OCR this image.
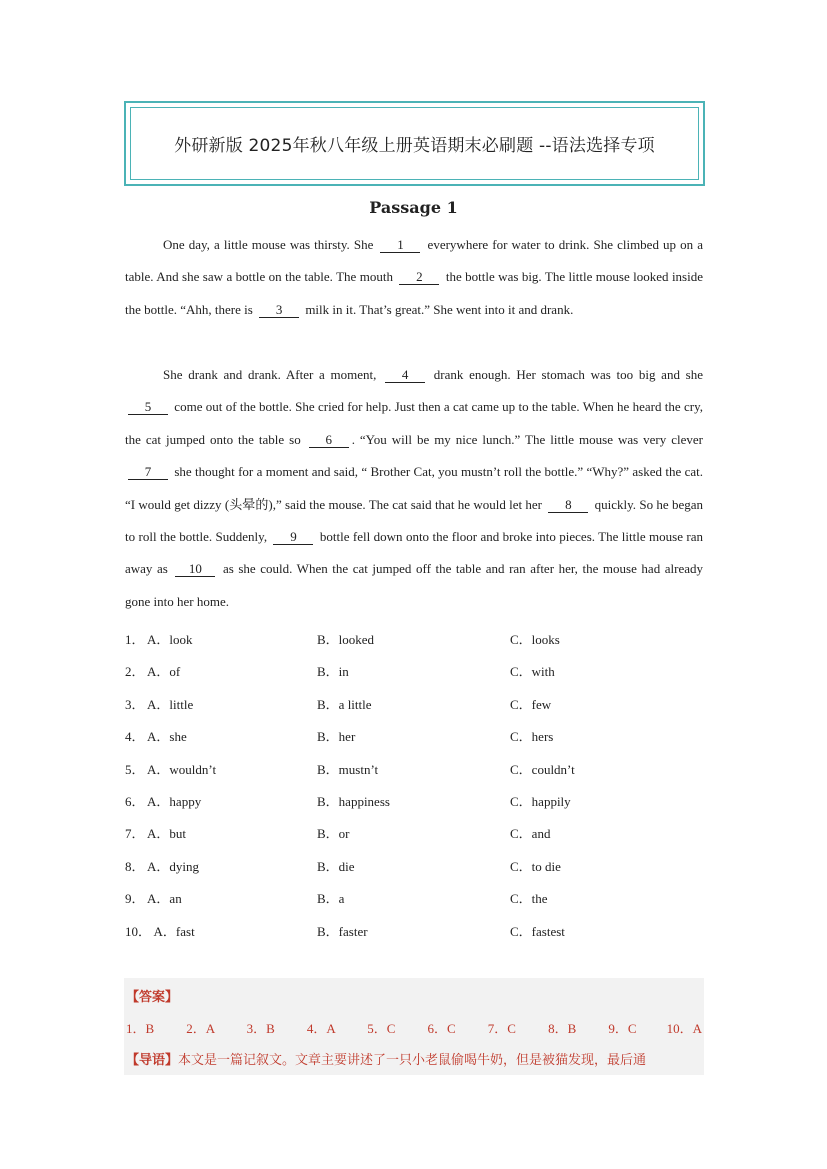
外研新版 2025年秋八年级上册英语期末必刷题 --语法选择专项
Passage 1

One day, a little mouse was thirsty. She 1 everywhere for water to drink. She climbed up on a table. And she saw a bottle on the table. The mouth 2 the bottle was big. The little mouse looked inside the bottle. “Ahh, there is 3 milk in it. That’s great.” She went into it and drank.

She drank and drank. After a moment, 4 drank enough. Her stomach was too big and she 5 come out of the bottle. She cried for help. Just then a cat came up to the table. When he heard the cry, the cat jumped onto the table so 6 . “You will be my nice lunch.” The little mouse was very clever 7 she thought for a moment and said, “ Brother Cat, you mustn’t roll the bottle.” “Why?” asked the cat. “I would get dizzy (头晕的),” said the mouse. The cat said that he would let her 8 quickly. So he began to roll the bottle. Suddenly, 9 bottle fell down onto the floor and broke into pieces. The little mouse ran away as 10 as she could. When the cat jumped off the table and ran after her, the mouse had already gone into her home.

1． A．look	B．looked	C．looks
2． A．of	B．in	C．with
3． A．little	B．a little	C．few
4． A．she	B．her	C．hers
5． A．wouldn’t	B．mustn’t	C．couldn’t
6． A．happy	B．happiness	C．happily
7． A．but	B．or	C．and
8． A．dying	B．die	C．to die
9． A．an	B．a	C．the
10． A．fast	B．faster	C．fastest
【答案】
1．B 2．A 3．B 4．A 5．C 6．C 7．C 8．B 9．C 10．A
【导语】本文是一篇记叙文。文章主要讲述了一只小老鼠偷喝牛奶，但是被猫发现，最后通
